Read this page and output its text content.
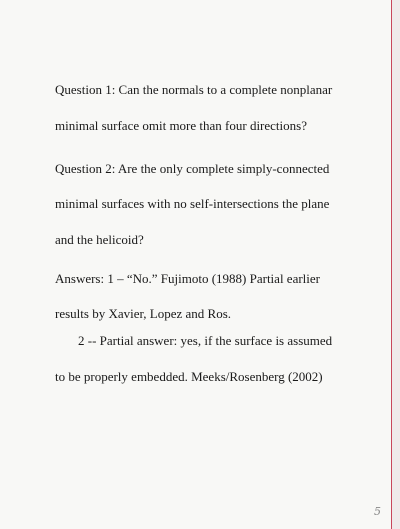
Question 1: Can the normals to a complete nonplanar

minimal surface omit more than four directions?

Question 2: Are the only complete simply-connected

minimal surfaces with no self-intersections the plane

and the helicoid?

Answers: 1 – “No.” Fujimoto (1988) Partial earlier

results by Xavier, Lopez and Ros.

2 -- Partial answer: yes, if the surface is assumed

to be properly embedded. Meeks/Rosenberg (2002)

5
